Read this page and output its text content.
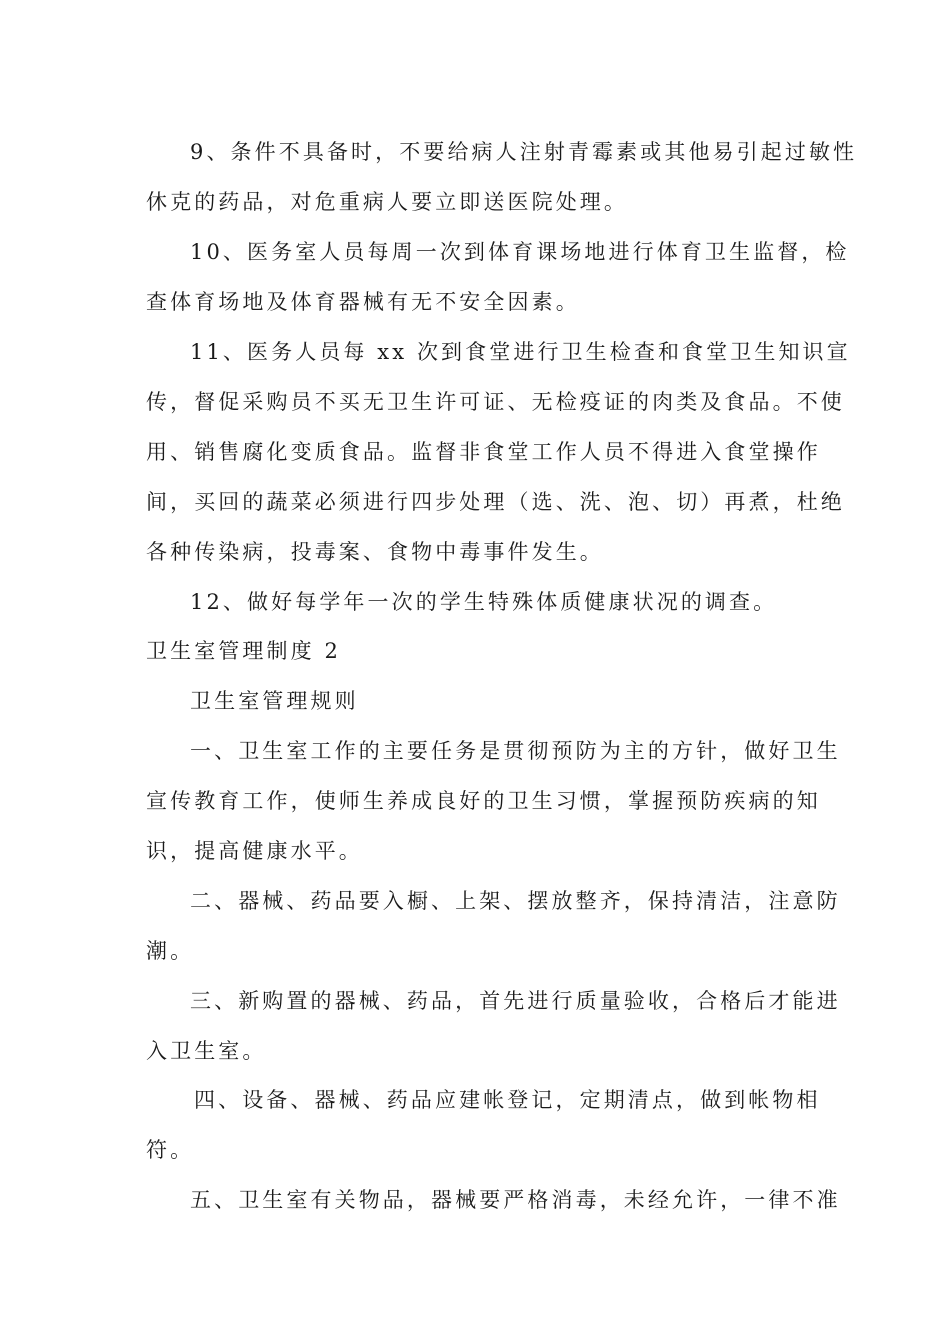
9、条件不具备时，不要给病人注射青霉素或其他易引起过敏性
休克的药品，对危重病人要立即送医院处理。
10、医务室人员每周一次到体育课场地进行体育卫生监督，检
查体育场地及体育器械有无不安全因素。
11、医务人员每 xx 次到食堂进行卫生检查和食堂卫生知识宣
传，督促采购员不买无卫生许可证、无检疫证的肉类及食品。不使
用、销售腐化变质食品。监督非食堂工作人员不得进入食堂操作
间，买回的蔬菜必须进行四步处理（选、洗、泡、切）再煮，杜绝
各种传染病，投毒案、食物中毒事件发生。
12、做好每学年一次的学生特殊体质健康状况的调查。
卫生室管理制度 2
卫生室管理规则
一、卫生室工作的主要任务是贯彻预防为主的方针，做好卫生
宣传教育工作，使师生养成良好的卫生习惯，掌握预防疾病的知
识，提高健康水平。
二、器械、药品要入橱、上架、摆放整齐，保持清洁，注意防
潮。
三、新购置的器械、药品，首先进行质量验收，合格后才能进
入卫生室。
四、设备、器械、药品应建帐登记，定期清点，做到帐物相
符。
五、卫生室有关物品，器械要严格消毒，未经允许，一律不准
